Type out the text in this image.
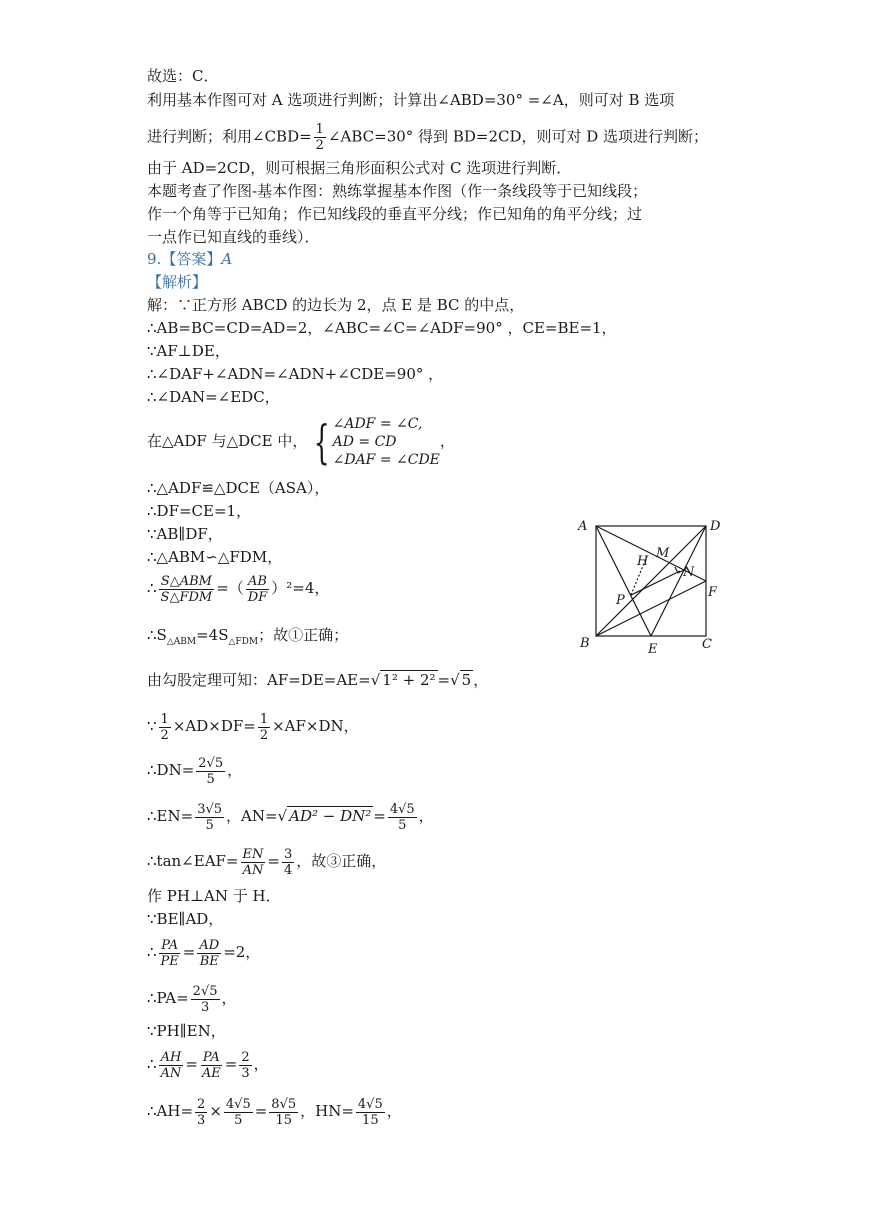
故选：C．
利用基本作图可对 A 选项进行判断；计算出∠ABD=30° =∠A，则可对 B 选项
进行判断；利用∠CBD= $\frac{1}{2}$ ∠ABC=30° 得到 BD=2CD，则可对 D 选项进行判断；
由于 AD=2CD，则可根据三角形面积公式对 C 选项进行判断．
本题考查了作图-基本作图：熟练掌握基本作图（作一条线段等于已知线段；
作一个角等于已知角；作已知线段的垂直平分线；作已知角的角平分线；过
一点作已知直线的垂线）．
9.【答案】A
【解析】
解：∵正方形 ABCD 的边长为 2，点 E 是 BC 的中点，
∴AB=BC=CD=AD=2，∠ABC=∠C=∠ADF=90° ，CE=BE=1，
∵AF⊥DE，
∴∠DAF+∠ADN=∠ADN+∠CDE=90° ，
∴∠DAN=∠EDC，
在△ADF 与△DCE 中， { ∠ADF = ∠C,
AD = CD
∠DAF = ∠CDE
，
∴△ADF≌△DCE（ASA），
∴DF=CE=1，
∵AB∥DF，
∴△ABM∽△FDM，
∴ $\frac{\text{S△ABM}}{\text{S△FDM}}$ =（ $\frac{AB}{DF} )^2=4$，
$\therefore S_{\triangle ABM}=4S_{\triangle FDM}$；故①正确；
由勾股定理可知：AF=DE=AE=√ 1² + 2² =√ 5 ，
∵ $\frac{1}{2} \times AD\times DF= \frac{1}{2} \times AF\times DN$，
∴DN= $\frac{2√5}{5}$ ，
∴EN= $\frac{3√5}{5}$ ，AN=√ $AD^2 - DN^2 = \frac{4√5}{5}$ ，
∴tan∠EAF= $\frac{EN}{AN} = \frac{3}{4}$ ，故③正确，
作 PH⊥AN 于 H．
∵BE∥AD，
∴ $\frac{PA}{PE} = \frac{AD}{BE} =2$，
∴PA= $\frac{2√5}{3}$ ，
∵PH∥EN，
∴ $\frac{AH}{AN} = \frac{PA}{AE} = \frac{2}{3}$ ，
∴AH= $\frac{2}{3} \times \frac{4√5}{5} = \frac{8√5}{15}$ ，$HN= \frac{4√5}{15}$ ，
A	D
B	C
E
F
H
M
N
P
